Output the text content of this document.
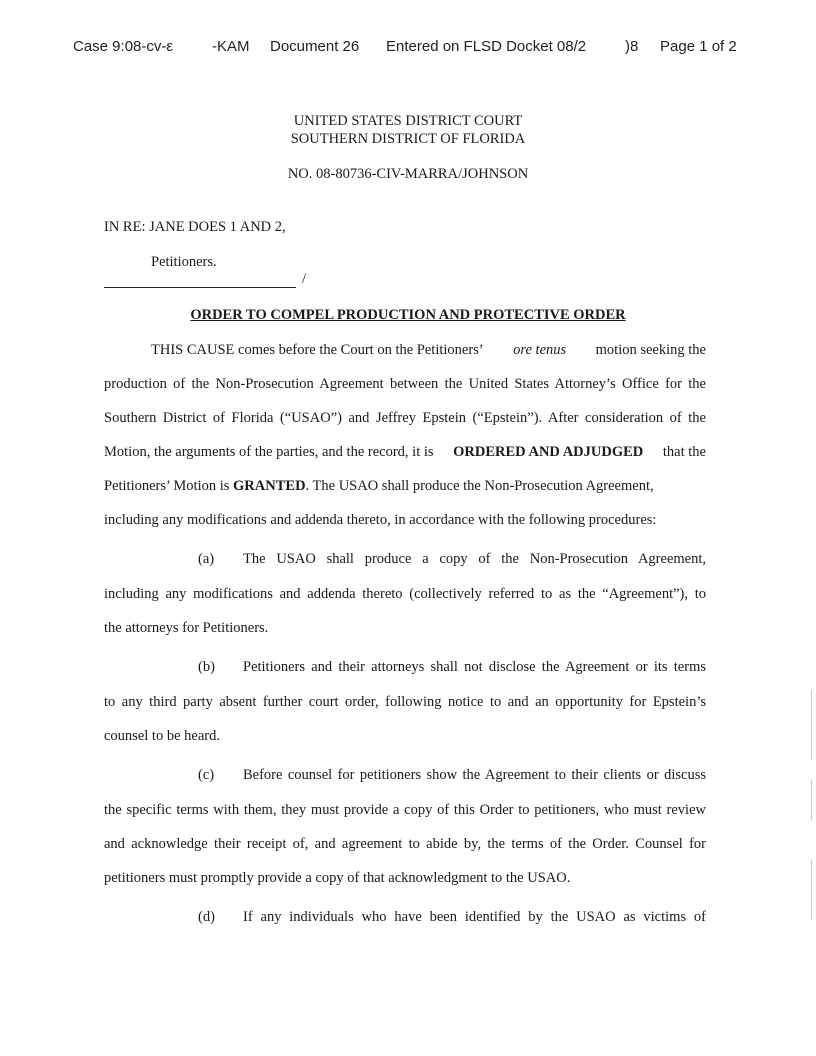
Case 9:08-cv-ε	-KAM Document 26 Entered on FLSD Docket 08/2	)8 Page 1 of 2
UNITED STATES DISTRICT COURT
SOUTHERN DISTRICT OF FLORIDA
NO. 08-80736-CIV-MARRA/JOHNSON
IN RE: JANE DOES 1 AND 2,
Petitioners.
/
ORDER TO COMPEL PRODUCTION AND PROTECTIVE ORDER
THIS CAUSE comes before the Court on the Petitioners’ ore tenus motion seeking the
production of the Non-Prosecution Agreement between the United States Attorney’s Office for the
Southern District of Florida (“USAO”) and Jeffrey Epstein (“Epstein”). After consideration of the
Motion, the arguments of the parties, and the record, it is ORDERED AND ADJUDGED that the
Petitioners’ Motion is GRANTED. The USAO shall produce the Non-Prosecution Agreement,
including any modifications and addenda thereto, in accordance with the following procedures:
(a) The USAO shall produce a copy of the Non-Prosecution Agreement,
including any modifications and addenda thereto (collectively referred to as the “Agreement”), to
the attorneys for Petitioners.
(b) Petitioners and their attorneys shall not disclose the Agreement or its terms
to any third party absent further court order, following notice to and an opportunity for Epstein’s
counsel to be heard.
(c) Before counsel for petitioners show the Agreement to their clients or discuss
the specific terms with them, they must provide a copy of this Order to petitioners, who must review
and acknowledge their receipt of, and agreement to abide by, the terms of the Order. Counsel for
petitioners must promptly provide a copy of that acknowledgment to the USAO.
(d) If any individuals who have been identified by the USAO as victims of
